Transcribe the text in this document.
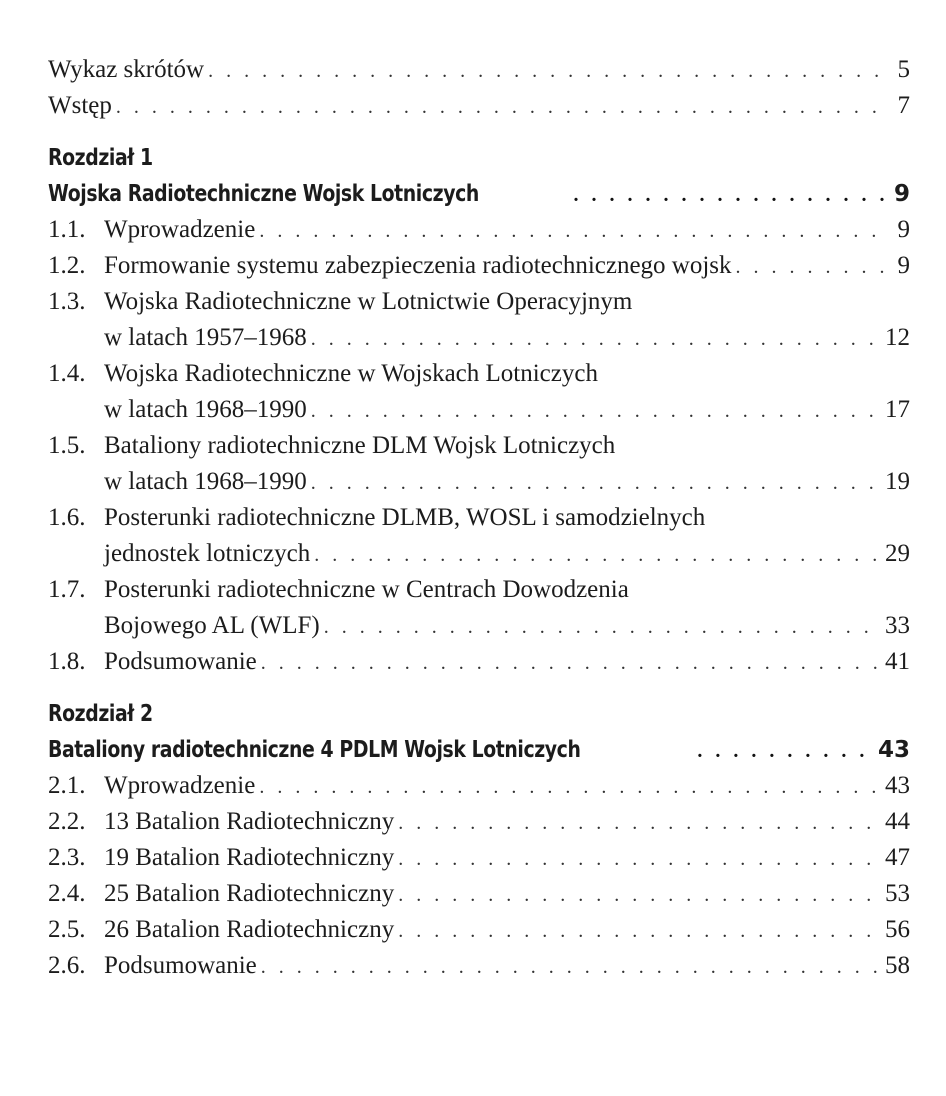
Wykaz skrótów . . .	5
Wstęp . . .	7
Rozdział 1
Wojska Radiotechniczne Wojsk Lotniczych . . .	9
1.1. Wprowadzenie . . .	9
1.2. Formowanie systemu zabezpieczenia radiotechnicznego wojsk . . .	9
1.3. Wojska Radiotechniczne w Lotnictwie Operacyjnym
w latach 1957–1968 . . .	12
1.4. Wojska Radiotechniczne w Wojskach Lotniczych
w latach 1968–1990 . . .	17
1.5. Bataliony radiotechniczne DLM Wojsk Lotniczych
w latach 1968–1990 . . .	19
1.6. Posterunki radiotechniczne DLMB, WOSL i samodzielnych
jednostek lotniczych . . .	29
1.7. Posterunki radiotechniczne w Centrach Dowodzenia
Bojowego AL (WLF) . . .	33
1.8. Podsumowanie . . .	41
Rozdział 2
Bataliony radiotechniczne 4 PDLM Wojsk Lotniczych . . .	43
2.1. Wprowadzenie . . .	43
2.2. 13 Batalion Radiotechniczny . . .	44
2.3. 19 Batalion Radiotechniczny . . .	47
2.4. 25 Batalion Radiotechniczny . . .	53
2.5. 26 Batalion Radiotechniczny . . .	56
2.6. Podsumowanie . . .	58
